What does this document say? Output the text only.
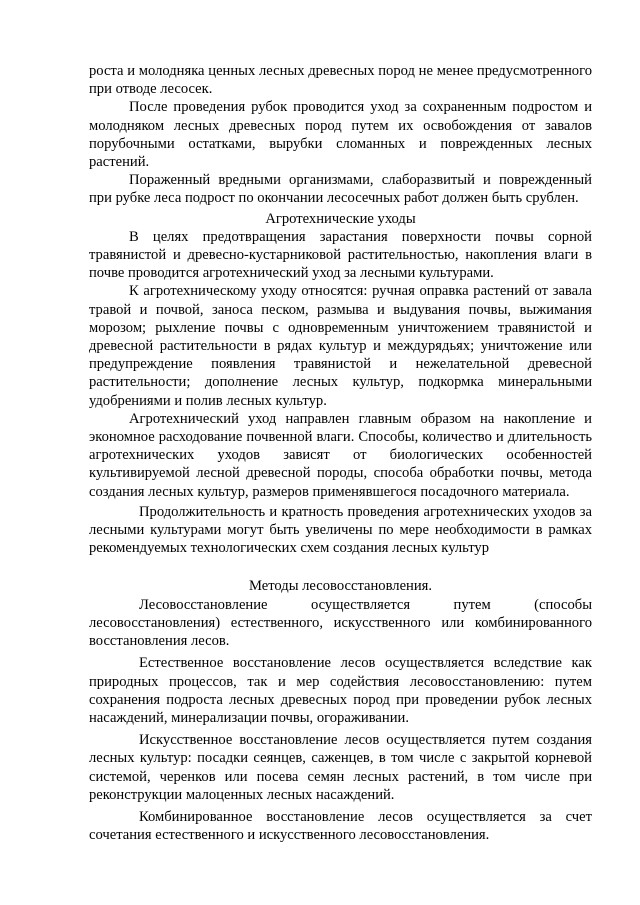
роста и молодняка ценных лесных древесных пород не менее предусмотренного при отводе лесосек.

После проведения рубок проводится уход за сохраненным подростом и молодняком лесных древесных пород путем их освобождения от завалов порубочными остатками, вырубки сломанных и поврежденных лесных растений.

Пораженный вредными организмами, слаборазвитый и поврежденный при рубке леса подрост по окончании лесосечных работ должен быть срублен.

Агротехнические уходы

В целях предотвращения зарастания поверхности почвы сорной травянистой и древесно-кустарниковой растительностью, накопления влаги в почве проводится агротехнический уход за лесными культурами.

К агротехническому уходу относятся: ручная оправка растений от завала травой и почвой, заноса песком, размыва и выдувания почвы, выжимания морозом; рыхление почвы с одновременным уничтожением травянистой и древесной растительности в рядах культур и междурядьях; уничтожение или предупреждение появления травянистой и нежелательной древесной растительности; дополнение лесных культур, подкормка минеральными удобрениями и полив лесных культур.

Агротехнический уход направлен главным образом на накопление и экономное расходование почвенной влаги. Способы, количество и длительность агротехнических уходов зависят от биологических особенностей культивируемой лесной древесной породы, способа обработки почвы, метода создания лесных культур, размеров применявшегося посадочного материала.

Продолжительность и кратность проведения агротехнических уходов за лесными культурами могут быть увеличены по мере необходимости в рамках рекомендуемых технологических схем создания лесных культур

Методы лесовосстановления.

Лесовосстановление осуществляется путем (способы лесовосстановления) естественного, искусственного или комбинированного восстановления лесов.

Естественное восстановление лесов осуществляется вследствие как природных процессов, так и мер содействия лесовосстановлению: путем сохранения подроста лесных древесных пород при проведении рубок лесных насаждений, минерализации почвы, огораживании.

Искусственное восстановление лесов осуществляется путем создания лесных культур: посадки сеянцев, саженцев, в том числе с закрытой корневой системой, черенков или посева семян лесных растений, в том числе при реконструкции малоценных лесных насаждений.

Комбинированное восстановление лесов осуществляется за счет сочетания естественного и искусственного лесовосстановления.
